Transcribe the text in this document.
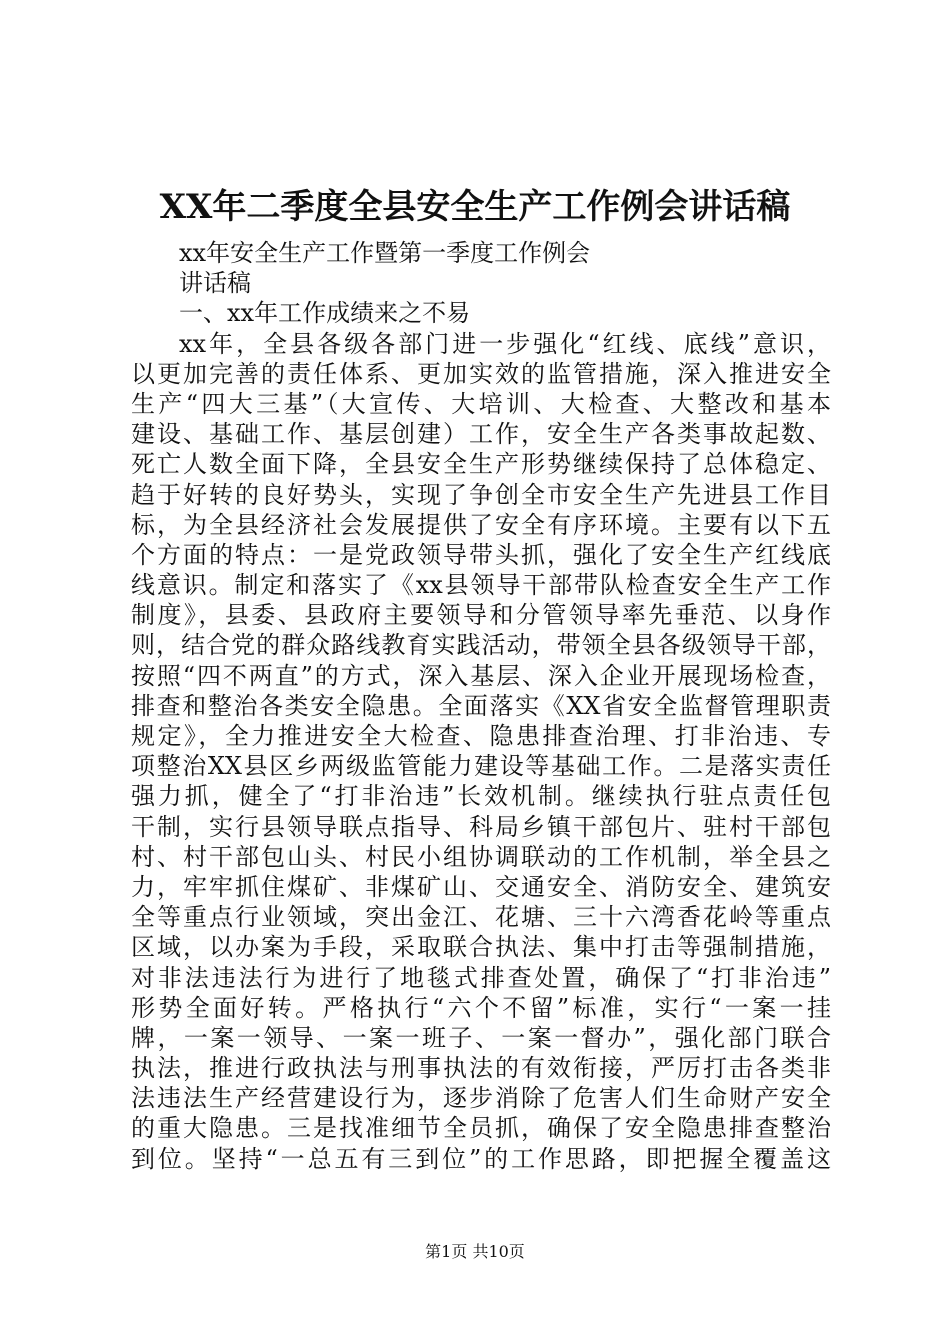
XX年二季度全县安全生产工作例会讲话稿
xx年安全生产工作暨第一季度工作例会
讲话稿
一、xx年工作成绩来之不易
xx年，全县各级各部门进一步强化“红线、底线”意识，
以更加完善的责任体系、更加实效的监管措施，深入推进安全
生产“四大三基”（大宣传、大培训、大检查、大整改和基本
建设、基础工作、基层创建）工作，安全生产各类事故起数、
死亡人数全面下降，全县安全生产形势继续保持了总体稳定、
趋于好转的良好势头，实现了争创全市安全生产先进县工作目
标，为全县经济社会发展提供了安全有序环境。主要有以下五
个方面的特点：一是党政领导带头抓，强化了安全生产红线底
线意识。制定和落实了《xx县领导干部带队检查安全生产工作
制度》，县委、县政府主要领导和分管领导率先垂范、以身作
则，结合党的群众路线教育实践活动，带领全县各级领导干部，
按照“四不两直”的方式，深入基层、深入企业开展现场检查，
排查和整治各类安全隐患。全面落实《XX省安全监督管理职责
规定》，全力推进安全大检查、隐患排查治理、打非治违、专
项整治XX县区乡两级监管能力建设等基础工作。二是落实责任
强力抓，健全了“打非治违”长效机制。继续执行驻点责任包
干制，实行县领导联点指导、科局乡镇干部包片、驻村干部包
村、村干部包山头、村民小组协调联动的工作机制，举全县之
力，牢牢抓住煤矿、非煤矿山、交通安全、消防安全、建筑安
全等重点行业领域，突出金江、花塘、三十六湾香花岭等重点
区域，以办案为手段，采取联合执法、集中打击等强制措施，
对非法违法行为进行了地毯式排查处置，确保了“打非治违”
形势全面好转。严格执行“六个不留”标准，实行“一案一挂
牌，一案一领导、一案一班子、一案一督办”，强化部门联合
执法，推进行政执法与刑事执法的有效衔接，严厉打击各类非
法违法生产经营建设行为，逐步消除了危害人们生命财产安全
的重大隐患。三是找准细节全员抓，确保了安全隐患排查整治
到位。坚持“一总五有三到位”的工作思路，即把握全覆盖这
第1页 共10页
